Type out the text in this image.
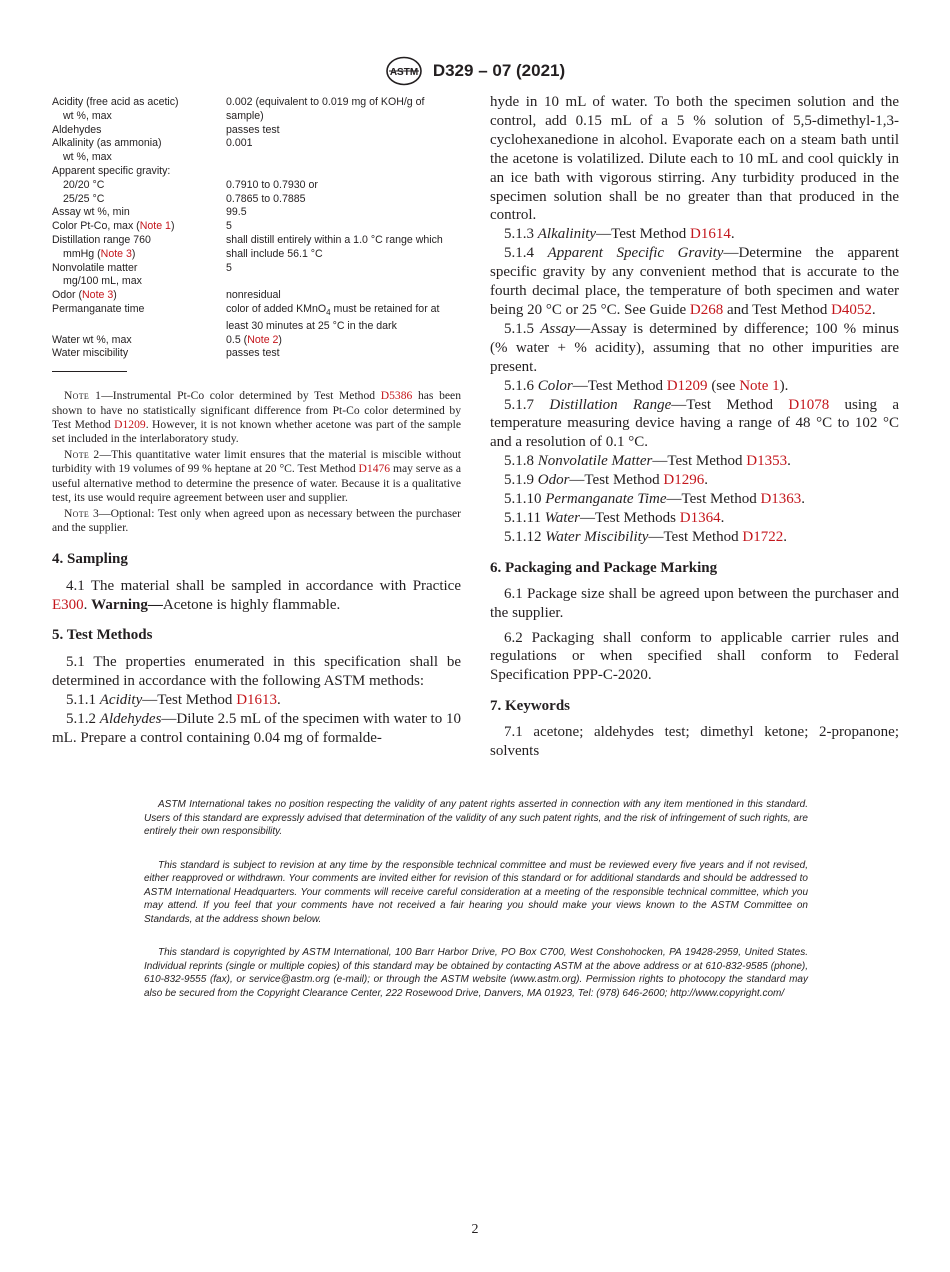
ASTM D329 – 07 (2021)
Acidity (free acid as acetic)	0.002 (equivalent to 0.019 mg of KOH/g of
wt %, max	sample)
Aldehydes	passes test
Alkalinity (as ammonia)	0.001
wt %, max	
Apparent specific gravity:	
20/20 °C	0.7910 to 0.7930 or
25/25 °C	0.7865 to 0.7885
Assay wt %, min	99.5
Color Pt-Co, max (Note 1)	5
Distillation range 760	shall distill entirely within a 1.0 °C range which
mmHg (Note 3)	shall include 56.1 °C
Nonvolatile matter	5
mg/100 mL, max	
Odor (Note 3)	nonresidual
Permanganate time	color of added KMnO$_4$ must be retained for at
	least 30 minutes at 25 °C in the dark
Water wt %, max	0.5 (Note 2)
Water miscibility	passes test

Note 1—Instrumental Pt-Co color determined by Test Method D5386 has been shown to have no statistically significant difference from Pt-Co color determined by Test Method D1209. However, it is not known whether acetone was part of the sample set included in the interlaboratory study.

Note 2—This quantitative water limit ensures that the material is miscible without turbidity with 19 volumes of 99 % heptane at 20 °C. Test Method D1476 may serve as a useful alternative method to determine the presence of water. Because it is a qualitative test, its use would require agreement between user and supplier.

Note 3—Optional: Test only when agreed upon as necessary between the purchaser and the supplier.

4. Sampling

4.1 The material shall be sampled in accordance with Practice E300. Warning—Acetone is highly flammable.

5. Test Methods

5.1 The properties enumerated in this specification shall be determined in accordance with the following ASTM methods:

5.1.1 Acidity—Test Method D1613.

5.1.2 Aldehydes—Dilute 2.5 mL of the specimen with water to 10 mL. Prepare a control containing 0.04 mg of formalde-

hyde in 10 mL of water. To both the specimen solution and the control, add 0.15 mL of a 5 % solution of 5,5-dimethyl-1,3-cyclohexanedione in alcohol. Evaporate each on a steam bath until the acetone is volatilized. Dilute each to 10 mL and cool quickly in an ice bath with vigorous stirring. Any turbidity produced in the specimen solution shall be no greater than that produced in the control.

5.1.3 Alkalinity—Test Method D1614.

5.1.4 Apparent Specific Gravity—Determine the apparent specific gravity by any convenient method that is accurate to the fourth decimal place, the temperature of both specimen and water being 20 °C or 25 °C. See Guide D268 and Test Method D4052.

5.1.5 Assay—Assay is determined by difference; 100 % minus (% water + % acidity), assuming that no other impurities are present.

5.1.6 Color—Test Method D1209 (see Note 1).

5.1.7 Distillation Range—Test Method D1078 using a temperature measuring device having a range of 48 °C to 102 °C and a resolution of 0.1 °C.

5.1.8 Nonvolatile Matter—Test Method D1353.

5.1.9 Odor—Test Method D1296.

5.1.10 Permanganate Time—Test Method D1363.

5.1.11 Water—Test Methods D1364.

5.1.12 Water Miscibility—Test Method D1722.

6. Packaging and Package Marking

6.1 Package size shall be agreed upon between the purchaser and the supplier.

6.2 Packaging shall conform to applicable carrier rules and regulations or when specified shall conform to Federal Specification PPP-C-2020.

7. Keywords

7.1 acetone; aldehydes test; dimethyl ketone; 2-propanone; solvents

ASTM International takes no position respecting the validity of any patent rights asserted in connection with any item mentioned in this standard. Users of this standard are expressly advised that determination of the validity of any such patent rights, and the risk of infringement of such rights, are entirely their own responsibility.

This standard is subject to revision at any time by the responsible technical committee and must be reviewed every five years and if not revised, either reapproved or withdrawn. Your comments are invited either for revision of this standard or for additional standards and should be addressed to ASTM International Headquarters. Your comments will receive careful consideration at a meeting of the responsible technical committee, which you may attend. If you feel that your comments have not received a fair hearing you should make your views known to the ASTM Committee on Standards, at the address shown below.

This standard is copyrighted by ASTM International, 100 Barr Harbor Drive, PO Box C700, West Conshohocken, PA 19428-2959, United States. Individual reprints (single or multiple copies) of this standard may be obtained by contacting ASTM at the above address or at 610-832-9585 (phone), 610-832-9555 (fax), or service@astm.org (e-mail); or through the ASTM website (www.astm.org). Permission rights to photocopy the standard may also be secured from the Copyright Clearance Center, 222 Rosewood Drive, Danvers, MA 01923, Tel: (978) 646-2600; http://www.copyright.com/

2
